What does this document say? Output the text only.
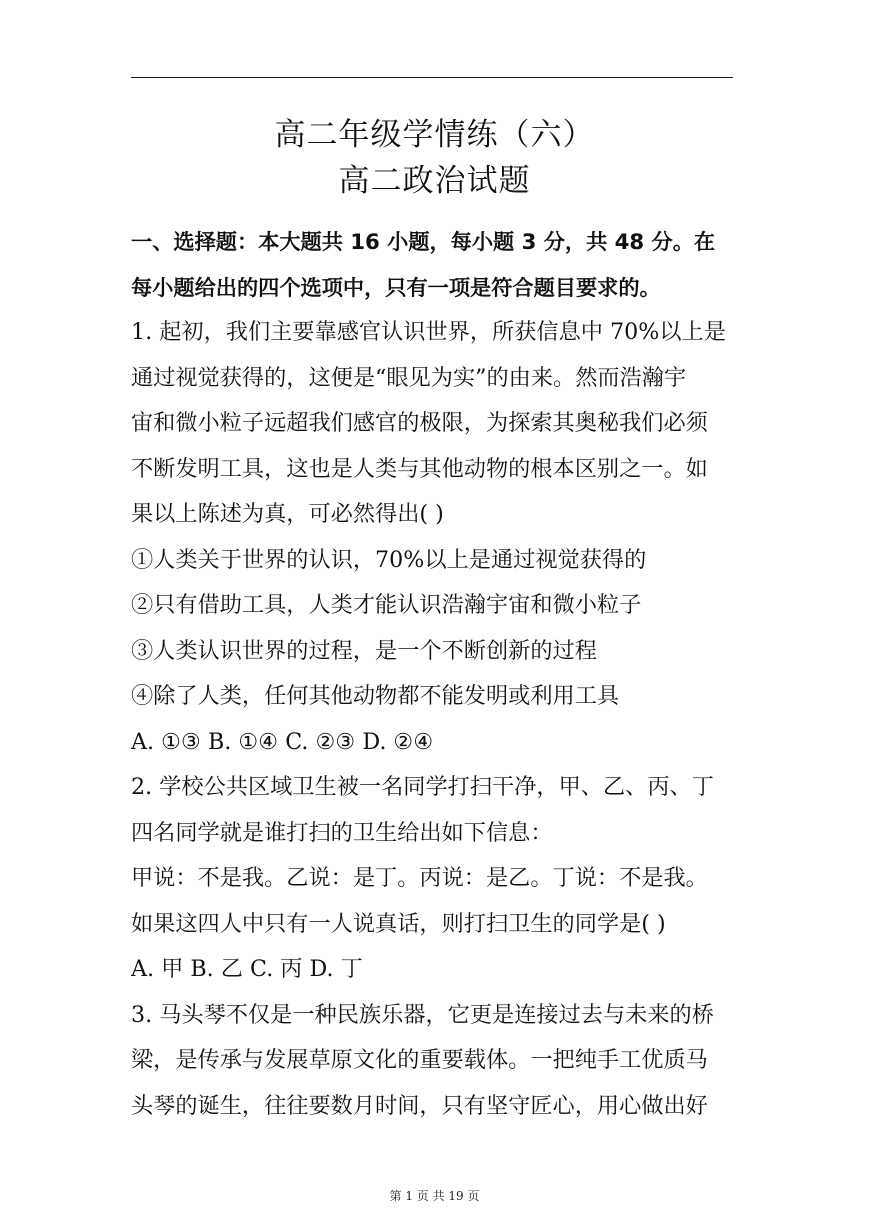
高二年级学情练（六）
高二政治试题
一、选择题：本大题共 16 小题，每小题 3 分，共 48 分。在
每小题给出的四个选项中，只有一项是符合题目要求的。
1. 起初，我们主要靠感官认识世界，所获信息中 70%以上是
通过视觉获得的，这便是“眼见为实”的由来。然而浩瀚宇
宙和微小粒子远超我们感官的极限，为探索其奥秘我们必须
不断发明工具，这也是人类与其他动物的根本区别之一。如
果以上陈述为真，可必然得出( )
①人类关于世界的认识，70%以上是通过视觉获得的
②只有借助工具，人类才能认识浩瀚宇宙和微小粒子
③人类认识世界的过程，是一个不断创新的过程
④除了人类，任何其他动物都不能发明或利用工具
A. ①③ B. ①④ C. ②③ D. ②④
2. 学校公共区域卫生被一名同学打扫干净，甲、乙、丙、丁
四名同学就是谁打扫的卫生给出如下信息：
甲说：不是我。乙说：是丁。丙说：是乙。丁说：不是我。
如果这四人中只有一人说真话，则打扫卫生的同学是( )
A. 甲 B. 乙 C. 丙 D. 丁
3. 马头琴不仅是一种民族乐器，它更是连接过去与未来的桥
梁，是传承与发展草原文化的重要载体。一把纯手工优质马
头琴的诞生，往往要数月时间，只有坚守匠心，用心做出好
第 1 页 共 19 页
